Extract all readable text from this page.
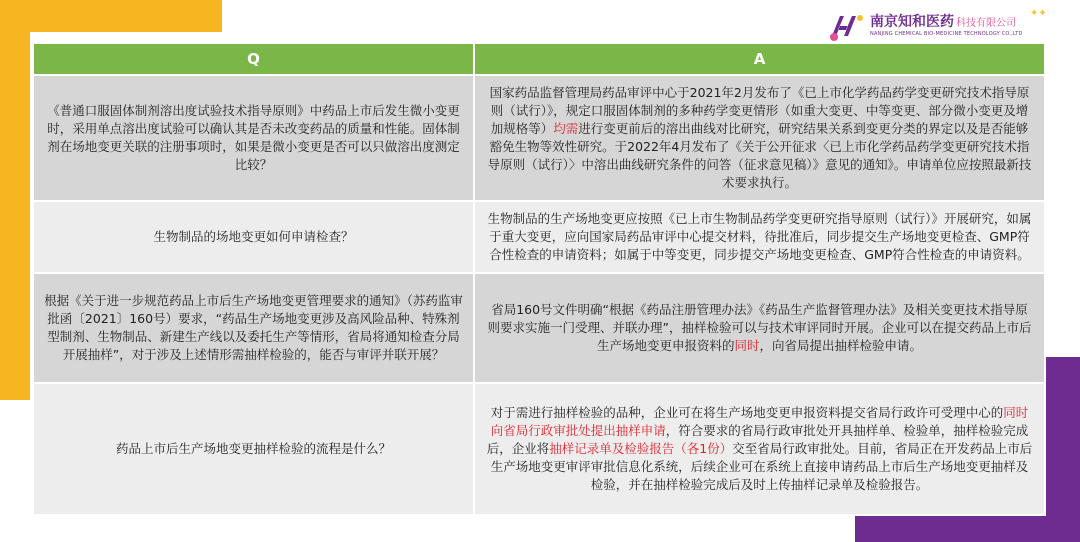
南京知和医药 科技有限公司
NANJING CHEMICAL BIO-MEDICINE TECHNOLOGY CO.,LTD
✦✦
Q	A
《普通口服固体制剂溶出度试验技术指导原则》中药品上市后发生微小变更时，采用单点溶出度试验可以确认其是否未改变药品的质量和性能。固体制剂在场地变更关联的注册事项时，如果是微小变更是否可以只做溶出度测定比较？	国家药品监督管理局药品审评中心于2021年2月发布了《已上市化学药品药学变更研究技术指导原则（试行）》，规定口服固体制剂的多种药学变更情形（如重大变更、中等变更、部分微小变更及增加规格等）均需进行变更前后的溶出曲线对比研究，研究结果关系到变更分类的界定以及是否能够豁免生物等效性研究。于2022年4月发布了《关于公开征求〈已上市化学药品药学变更研究技术指导原则（试行）〉中溶出曲线研究条件的问答（征求意见稿）》意见的通知》。申请单位应按照最新技术要求执行。
生物制品的场地变更如何申请检查？	生物制品的生产场地变更应按照《已上市生物制品药学变更研究指导原则（试行）》开展研究，如属于重大变更，应向国家局药品审评中心提交材料，待批准后，同步提交生产场地变更检查、GMP符合性检查的申请资料；如属于中等变更，同步提交产场地变更检查、GMP符合性检查的申请资料。
根据《关于进一步规范药品上市后生产场地变更管理要求的通知》（苏药监审批函〔2021〕160号）要求，“药品生产场地变更涉及高风险品种、特殊剂型制剂、生物制品、新建生产线以及委托生产等情形，省局将通知检查分局开展抽样”，对于涉及上述情形需抽样检验的，能否与审评并联开展？	省局160号文件明确“根据《药品注册管理办法》《药品生产监督管理办法》及相关变更技术指导原则要求实施一门受理、并联办理”，抽样检验可以与技术审评同时开展。企业可以在提交药品上市后生产场地变更申报资料的同时，向省局提出抽样检验申请。
药品上市后生产场地变更抽样检验的流程是什么？	对于需进行抽样检验的品种，企业可在将生产场地变更申报资料提交省局行政许可受理中心的同时向省局行政审批处提出抽样申请，符合要求的省局行政审批处开具抽样单、检验单，抽样检验完成后，企业将抽样记录单及检验报告（各1份）交至省局行政审批处。目前，省局正在开发药品上市后生产场地变更审评审批信息化系统，后续企业可在系统上直接申请药品上市后生产场地变更抽样及检验，并在抽样检验完成后及时上传抽样记录单及检验报告。
